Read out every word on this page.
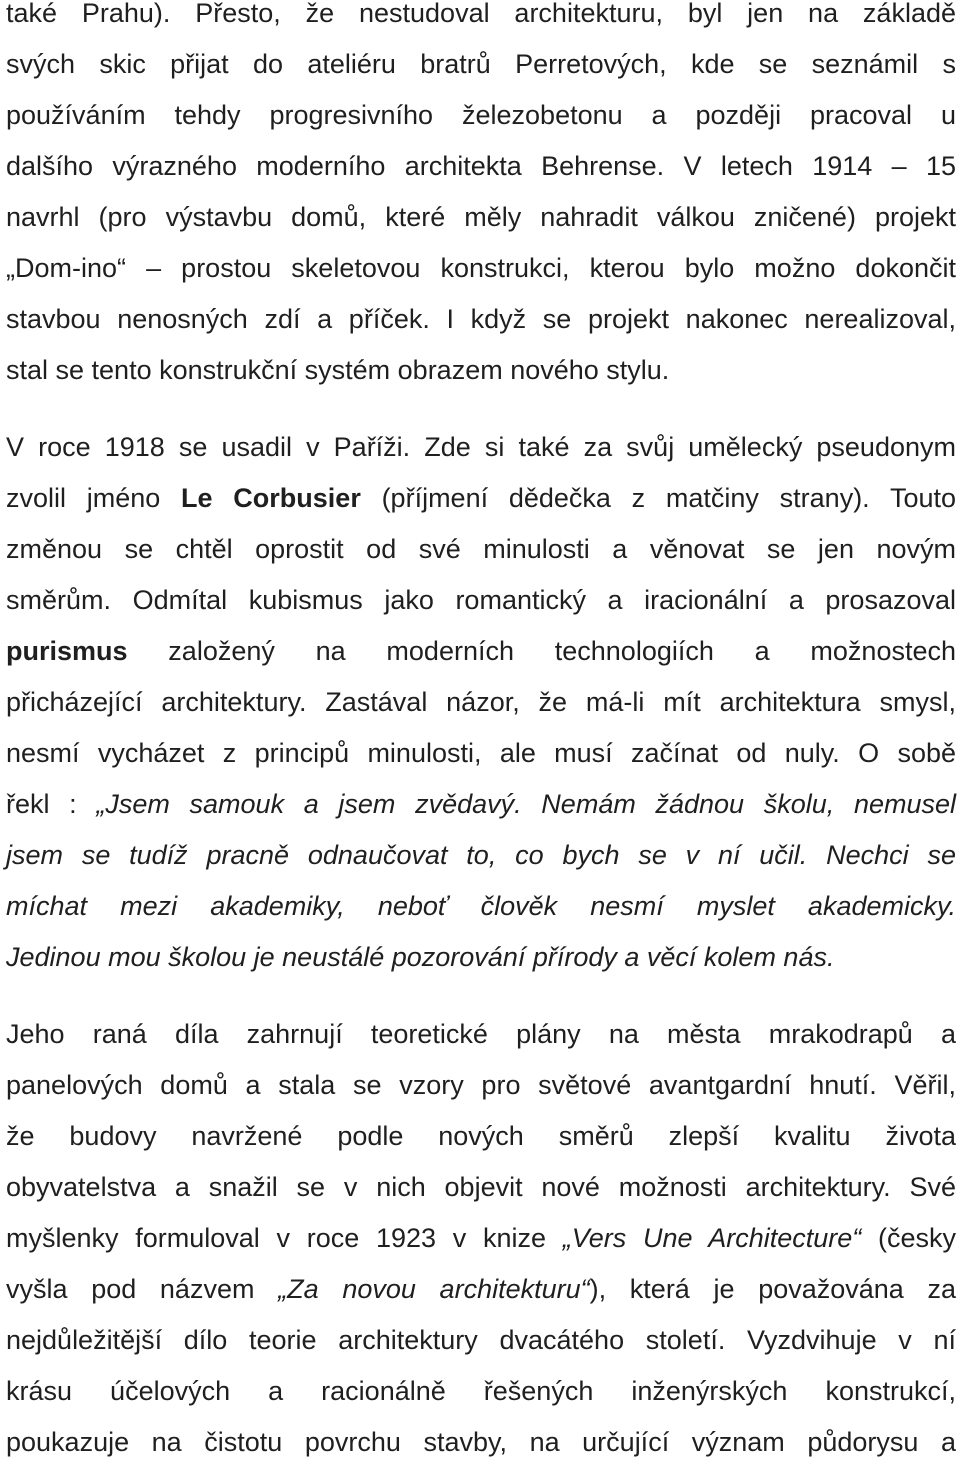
také Prahu). Přesto, že nestudoval architekturu, byl jen na základě
svých skic přijat do ateliéru bratrů Perretových, kde se seznámil s
používáním tehdy progresivního železobetonu a později pracoval u
dalšího výrazného moderního architekta Behrense. V letech 1914 – 15
navrhl (pro výstavbu domů, které měly nahradit válkou zničené) projekt
„Dom-ino“ – prostou skeletovou konstrukci, kterou bylo možno dokončit
stavbou nenosných zdí a příček. I když se projekt nakonec nerealizoval,
stal se tento konstrukční systém obrazem nového stylu.
V roce 1918 se usadil v Paříži. Zde si také za svůj umělecký pseudonym
zvolil jméno Le Corbusier (příjmení dědečka z matčiny strany). Touto
změnou se chtěl oprostit od své minulosti a věnovat se jen novým
směrům. Odmítal kubismus jako romantický a iracionální a prosazoval
purismus založený na moderních technologiích a možnostech
přicházející architektury. Zastával názor, že má-li mít architektura smysl,
nesmí vycházet z principů minulosti, ale musí začínat od nuly. O sobě
řekl : „Jsem samouk a jsem zvědavý. Nemám žádnou školu, nemusel
jsem se tudíž pracně odnaučovat to, co bych se v ní učil. Nechci se
míchat mezi akademiky, neboť člověk nesmí myslet akademicky.
Jedinou mou školou je neustálé pozorování přírody a věcí kolem nás.
Jeho raná díla zahrnují teoretické plány na města mrakodrapů a
panelových domů a stala se vzory pro světové avantgardní hnutí. Věřil,
že budovy navržené podle nových směrů zlepší kvalitu života
obyvatelstva a snažil se v nich objevit nové možnosti architektury. Své
myšlenky formuloval v roce 1923 v knize „Vers Une Architecture“ (česky
vyšla pod názvem „Za novou architekturu“), která je považována za
nejdůležitější dílo teorie architektury dvacátého století. Vyzdvihuje v ní
krásu účelových a racionálně řešených inženýrských konstrukcí,
poukazuje na čistotu povrchu stavby, na určující význam půdorysu a
